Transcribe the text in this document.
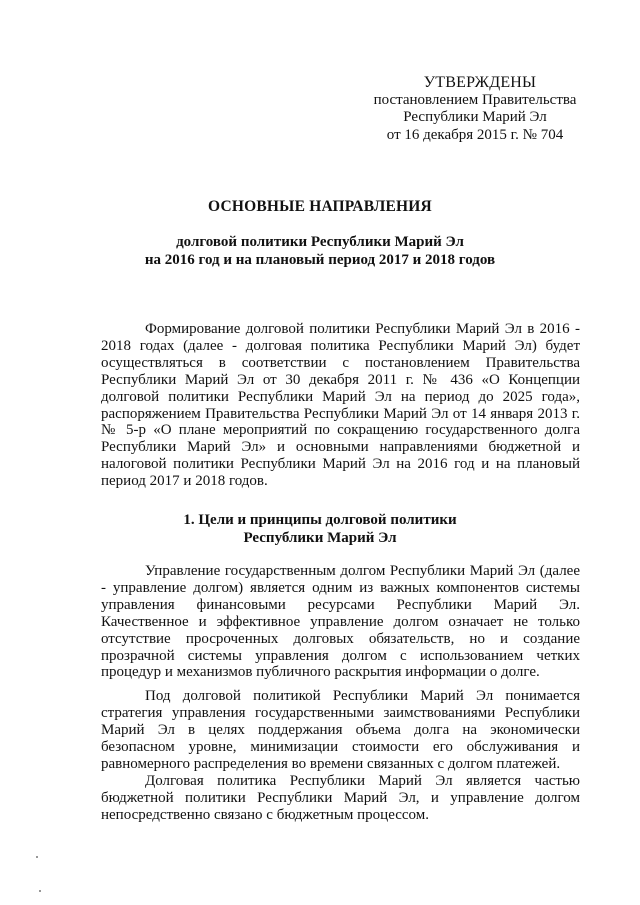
УТВЕРЖДЕНЫ
постановлением Правительства
Республики Марий Эл
от 16 декабря 2015 г. № 704
ОСНОВНЫЕ НАПРАВЛЕНИЯ
долговой политики Республики Марий Эл
на 2016 год и на плановый период 2017 и 2018 годов

Формирование долговой политики Республики Марий Эл в 2016 - 2018 годах (далее - долговая политика Республики Марий Эл) будет осуществляться в соответствии с постановлением Правительства Республики Марий Эл от 30 декабря 2011 г. № 436 «О Концепции долговой политики Республики Марий Эл на период до 2025 года», распоряжением Правительства Республики Марий Эл от 14 января 2013 г. № 5-р «О плане мероприятий по сокращению государственного долга Республики Марий Эл» и основными направлениями бюджетной и налоговой политики Республики Марий Эл на 2016 год и на плановый период 2017 и 2018 годов.

1. Цели и принципы долговой политики
Республики Марий Эл

Управление государственным долгом Республики Марий Эл (далее - управление долгом) является одним из важных компонентов системы управления финансовыми ресурсами Республики Марий Эл. Качественное и эффективное управление долгом означает не только отсутствие просроченных долговых обязательств, но и создание прозрачной системы управления долгом с использованием четких процедур и механизмов публичного раскрытия информации о долге.

Под долговой политикой Республики Марий Эл понимается стратегия управления государственными заимствованиями Республики Марий Эл в целях поддержания объема долга на экономически безопасном уровне, минимизации стоимости его обслуживания и равномерного распределения во времени связанных с долгом платежей.

Долговая политика Республики Марий Эл является частью бюджетной политики Республики Марий Эл, и управление долгом непосредственно связано с бюджетным процессом.
